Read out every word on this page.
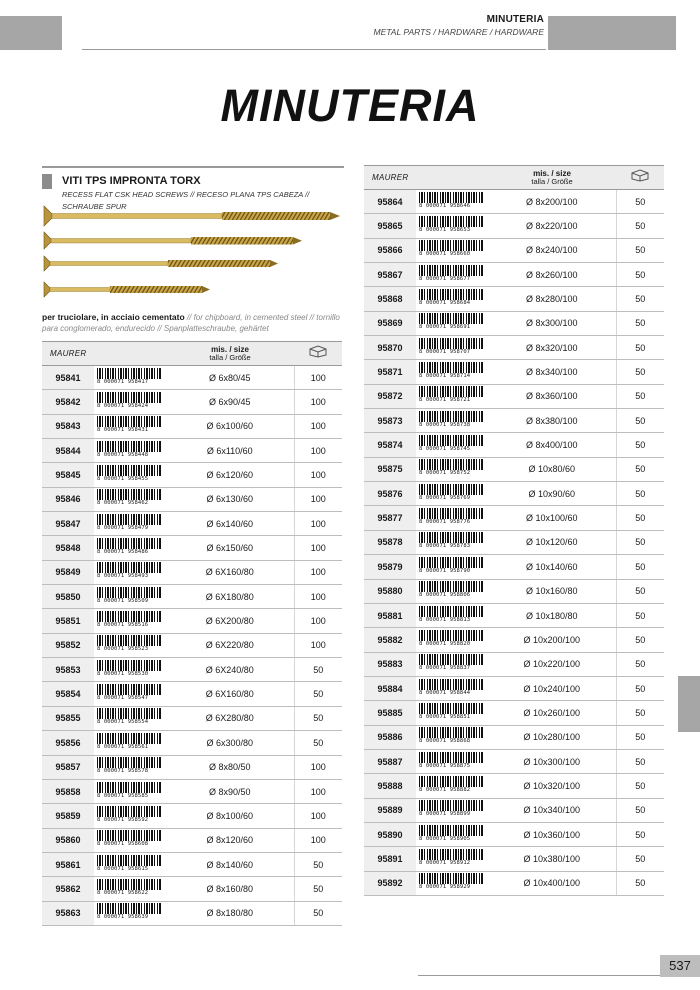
MINUTERIA
METAL PARTS / HARDWARE / HARDWARE
MINUTERIA
VITI TPS IMPRONTA TORX
RECESS FLAT CSK HEAD SCREWS // RECESO PLANA TPS CABEZA // SCHRAUBE SPUR
per truciolare, in acciaio cementato // for chipboard, in cemented steel // tornillo para conglomerado, endurecido // Spanplatteschraube, gehärtet
MAURER		mis. / size
talla / Größe	
95841	8 000071 958417	Ø 6x80/45	100
95842	8 000071 958424	Ø 6x90/45	100
95843	8 000071 958431	Ø 6x100/60	100
95844	8 000071 958448	Ø 6x110/60	100
95845	8 000071 958455	Ø 6x120/60	100
95846	8 000071 958462	Ø 6x130/60	100
95847	8 000071 958479	Ø 6x140/60	100
95848	8 000071 958486	Ø 6x150/60	100
95849	8 000071 958493	Ø 6X160/80	100
95850	8 000071 958509	Ø 6X180/80	100
95851	8 000071 958516	Ø 6X200/80	100
95852	8 000071 958523	Ø 6X220/80	100
95853	8 000071 958530	Ø 6X240/80	50
95854	8 000071 958547	Ø 6X160/80	50
95855	8 000071 958554	Ø 6X280/80	50
95856	8 000071 958561	Ø 6x300/80	50
95857	8 000071 958578	Ø 8x80/50	100
95858	8 000071 958585	Ø 8x90/50	100
95859	8 000071 958592	Ø 8x100/60	100
95860	8 000071 958608	Ø 8x120/60	100
95861	8 000071 958615	Ø 8x140/60	50
95862	8 000071 958622	Ø 8x160/80	50
95863	8 000071 958639	Ø 8x180/80	50
MAURER		mis. / size
talla / Größe	
95864	8 000071 958646	Ø 8x200/100	50
95865	8 000071 958653	Ø 8x220/100	50
95866	8 000071 958660	Ø 8x240/100	50
95867	8 000071 958677	Ø 8x260/100	50
95868	8 000071 958684	Ø 8x280/100	50
95869	8 000071 958691	Ø 8x300/100	50
95870	8 000071 958707	Ø 8x320/100	50
95871	8 000071 958714	Ø 8x340/100	50
95872	8 000071 958721	Ø 8x360/100	50
95873	8 000071 958738	Ø 8x380/100	50
95874	8 000071 958745	Ø 8x400/100	50
95875	8 000071 958752	Ø 10x80/60	50
95876	8 000071 958769	Ø 10x90/60	50
95877	8 000071 958776	Ø 10x100/60	50
95878	8 000071 958783	Ø 10x120/60	50
95879	8 000071 958790	Ø 10x140/60	50
95880	8 000071 958806	Ø 10x160/80	50
95881	8 000071 958813	Ø 10x180/80	50
95882	8 000071 958820	Ø 10x200/100	50
95883	8 000071 958837	Ø 10x220/100	50
95884	8 000071 958844	Ø 10x240/100	50
95885	8 000071 958851	Ø 10x260/100	50
95886	8 000071 958868	Ø 10x280/100	50
95887	8 000071 958875	Ø 10x300/100	50
95888	8 000071 958882	Ø 10x320/100	50
95889	8 000071 958899	Ø 10x340/100	50
95890	8 000071 958905	Ø 10x360/100	50
95891	8 000071 958912	Ø 10x380/100	50
95892	8 000071 958929	Ø 10x400/100	50
537
